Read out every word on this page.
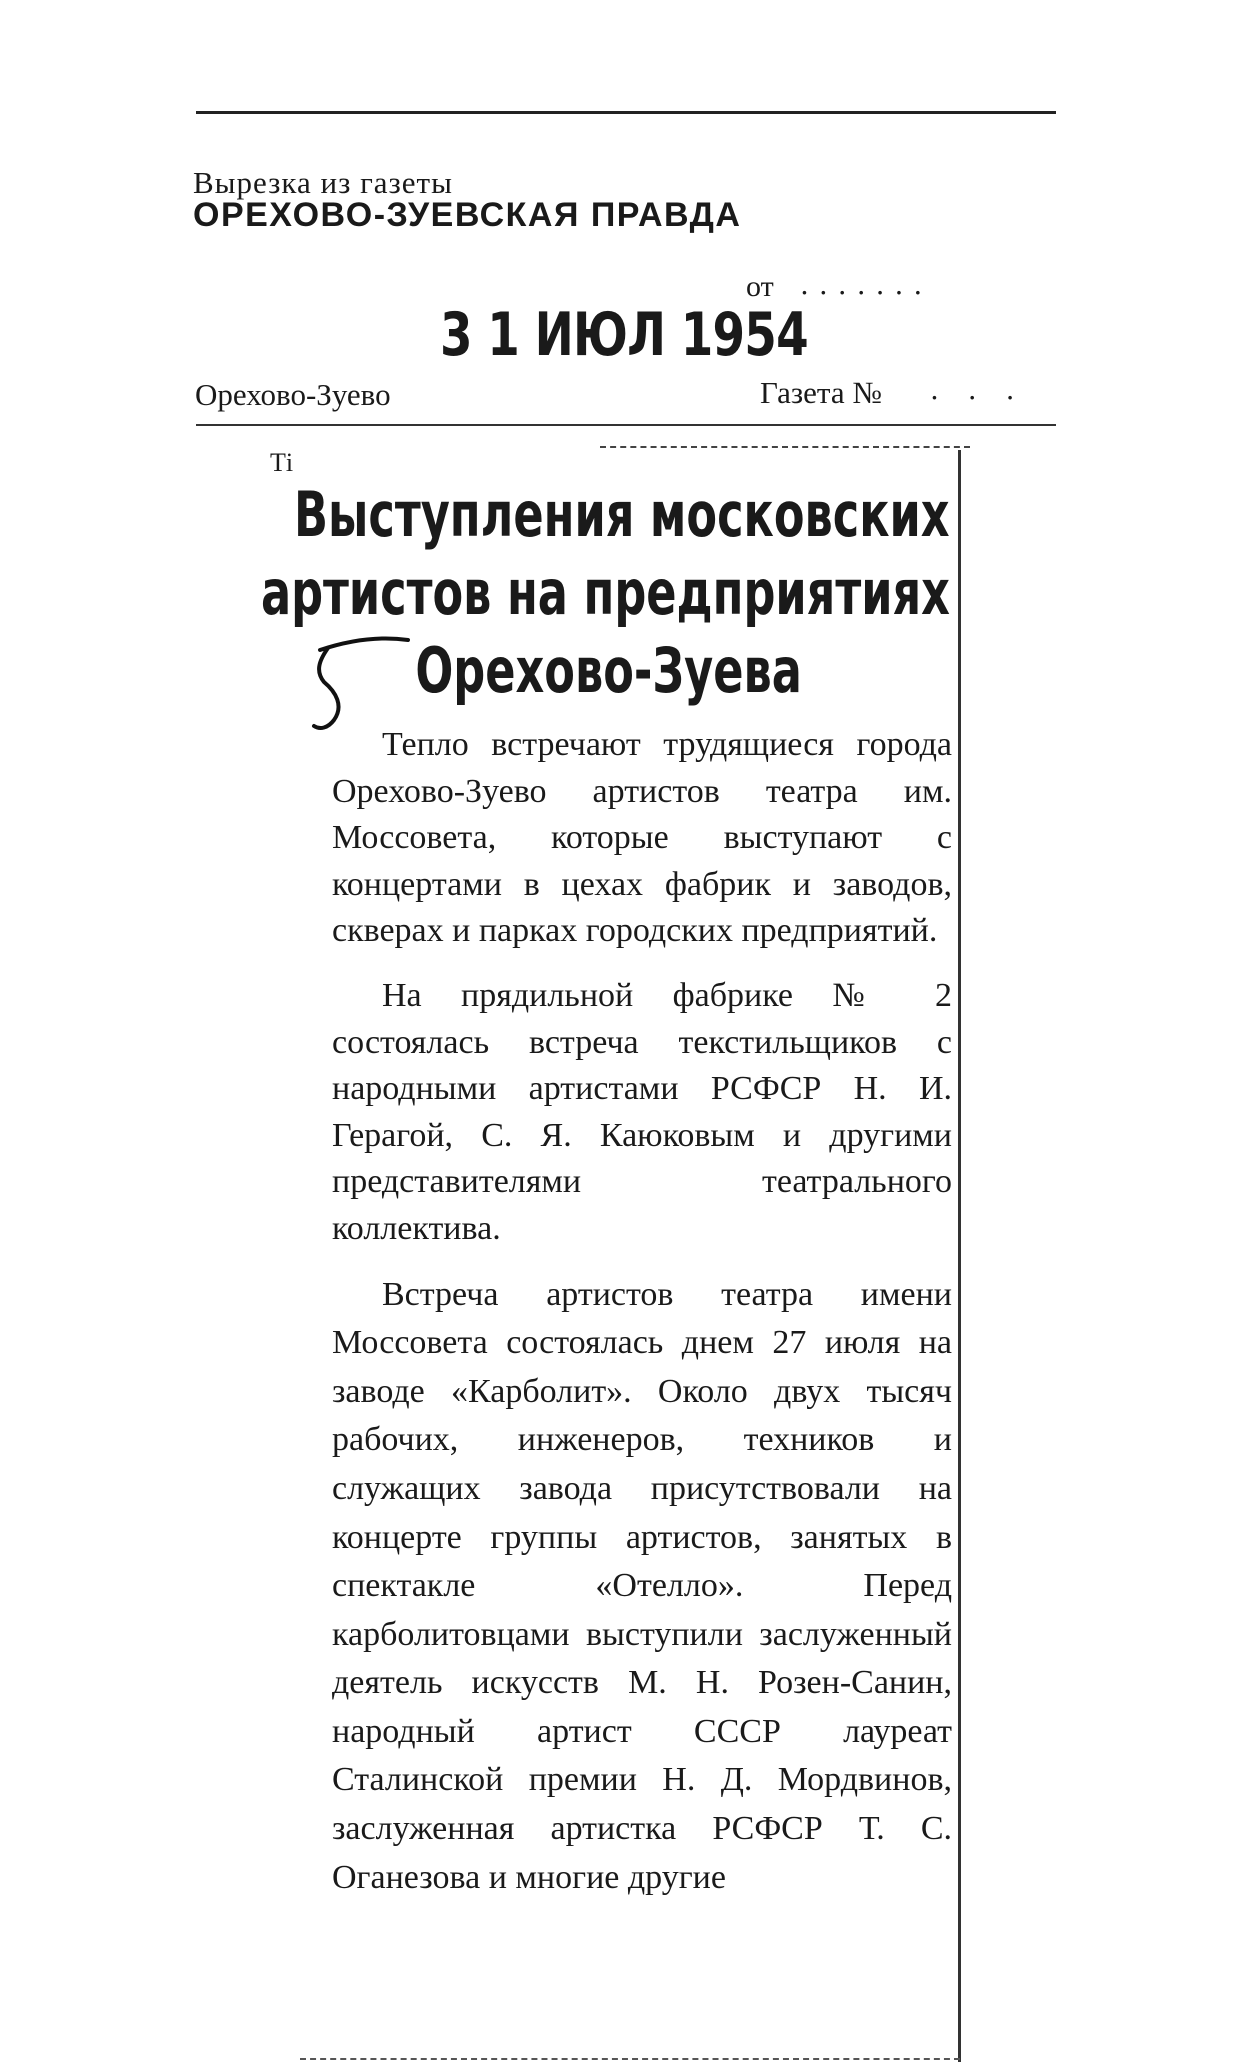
Вырезка из газеты
ОРЕХОВО-ЗУЕВСКАЯ ПРАВДА
от .......
3 1 ИЮЛ 1954
Орехово-Зуево	Газета № . . .
Ті
Выступления московских
артистов на предприятиях
Орехово-Зуева

Тепло встречают трудящиеся города Орехово-Зуево артистов театра им. Моссовета, которые выступают с концертами в цехах фабрик и заводов, скверах и парках городских предприятий.

На прядильной фабрике № 2 состоялась встреча текстильщиков с народными артистами РСФСР Н. И. Герагой, С. Я. Каюковым и другими представителями театрального коллектива.

Встреча артистов театра имени Моссовета состоялась днем 27 июля на заводе «Карболит». Около двух тысяч рабочих, инженеров, техников и служащих завода присутствовали на концерте группы артистов, занятых в спектакле «Отелло». Перед карболитовцами выступили заслуженный деятель искусств М. Н. Розен-Санин, народный артист СССР лауреат Сталинской премии Н. Д. Мордвинов, заслуженная артистка РСФСР Т. С. Оганезова и многие другие
